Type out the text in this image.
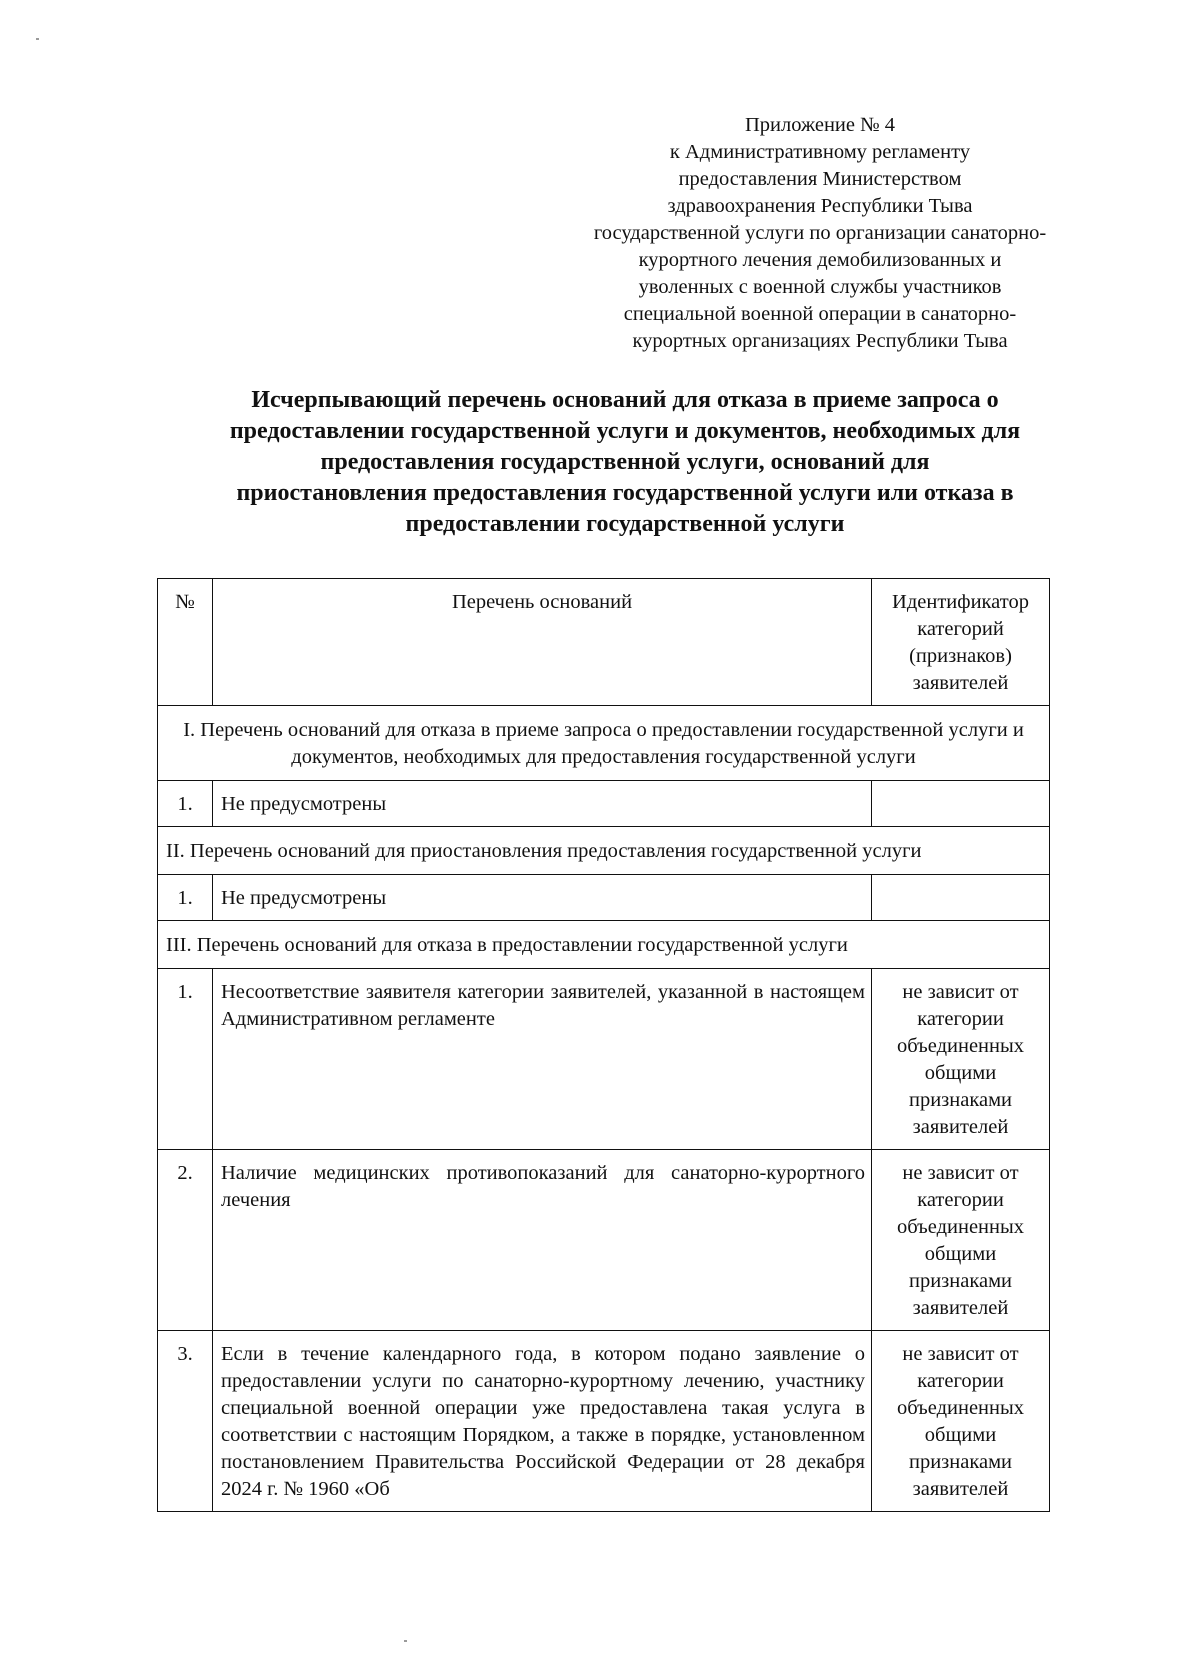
Приложение № 4
к Административному регламенту
предоставления Министерством
здравоохранения Республики Тыва
государственной услуги по организации санаторно-
курортного лечения демобилизованных и
уволенных с военной службы участников
специальной военной операции в санаторно-
курортных организациях Республики Тыва
Исчерпывающий перечень оснований для отказа в приеме запроса о
предоставлении государственной услуги и документов, необходимых для
предоставления государственной услуги, оснований для
приостановления предоставления государственной услуги или отказа в
предоставлении государственной услуги
№	Перечень оснований	Идентификатор категорий (признаков) заявителей
I. Перечень оснований для отказа в приеме запроса о предоставлении государственной услуги и документов, необходимых для предоставления государственной услуги		
1.	Не предусмотрены	
II. Перечень оснований для приостановления предоставления государственной услуги		
1.	Не предусмотрены	
III. Перечень оснований для отказа в предоставлении государственной услуги		
1.	Несоответствие заявителя категории заявителей, указанной в настоящем Административном регламенте	не зависит от категории объединенных общими признаками заявителей
2.	Наличие медицинских противопоказаний для санаторно-курортного лечения	не зависит от категории объединенных общими признаками заявителей
3.	Если в течение календарного года, в котором подано заявление о предоставлении услуги по санаторно-курортному лечению, участнику специальной военной операции уже предоставлена такая услуга в соответствии с настоящим Порядком, а также в порядке, установленном постановлением Правительства Российской Федерации от 28 декабря 2024 г. № 1960 «Об	не зависит от категории объединенных общими признаками заявителей
